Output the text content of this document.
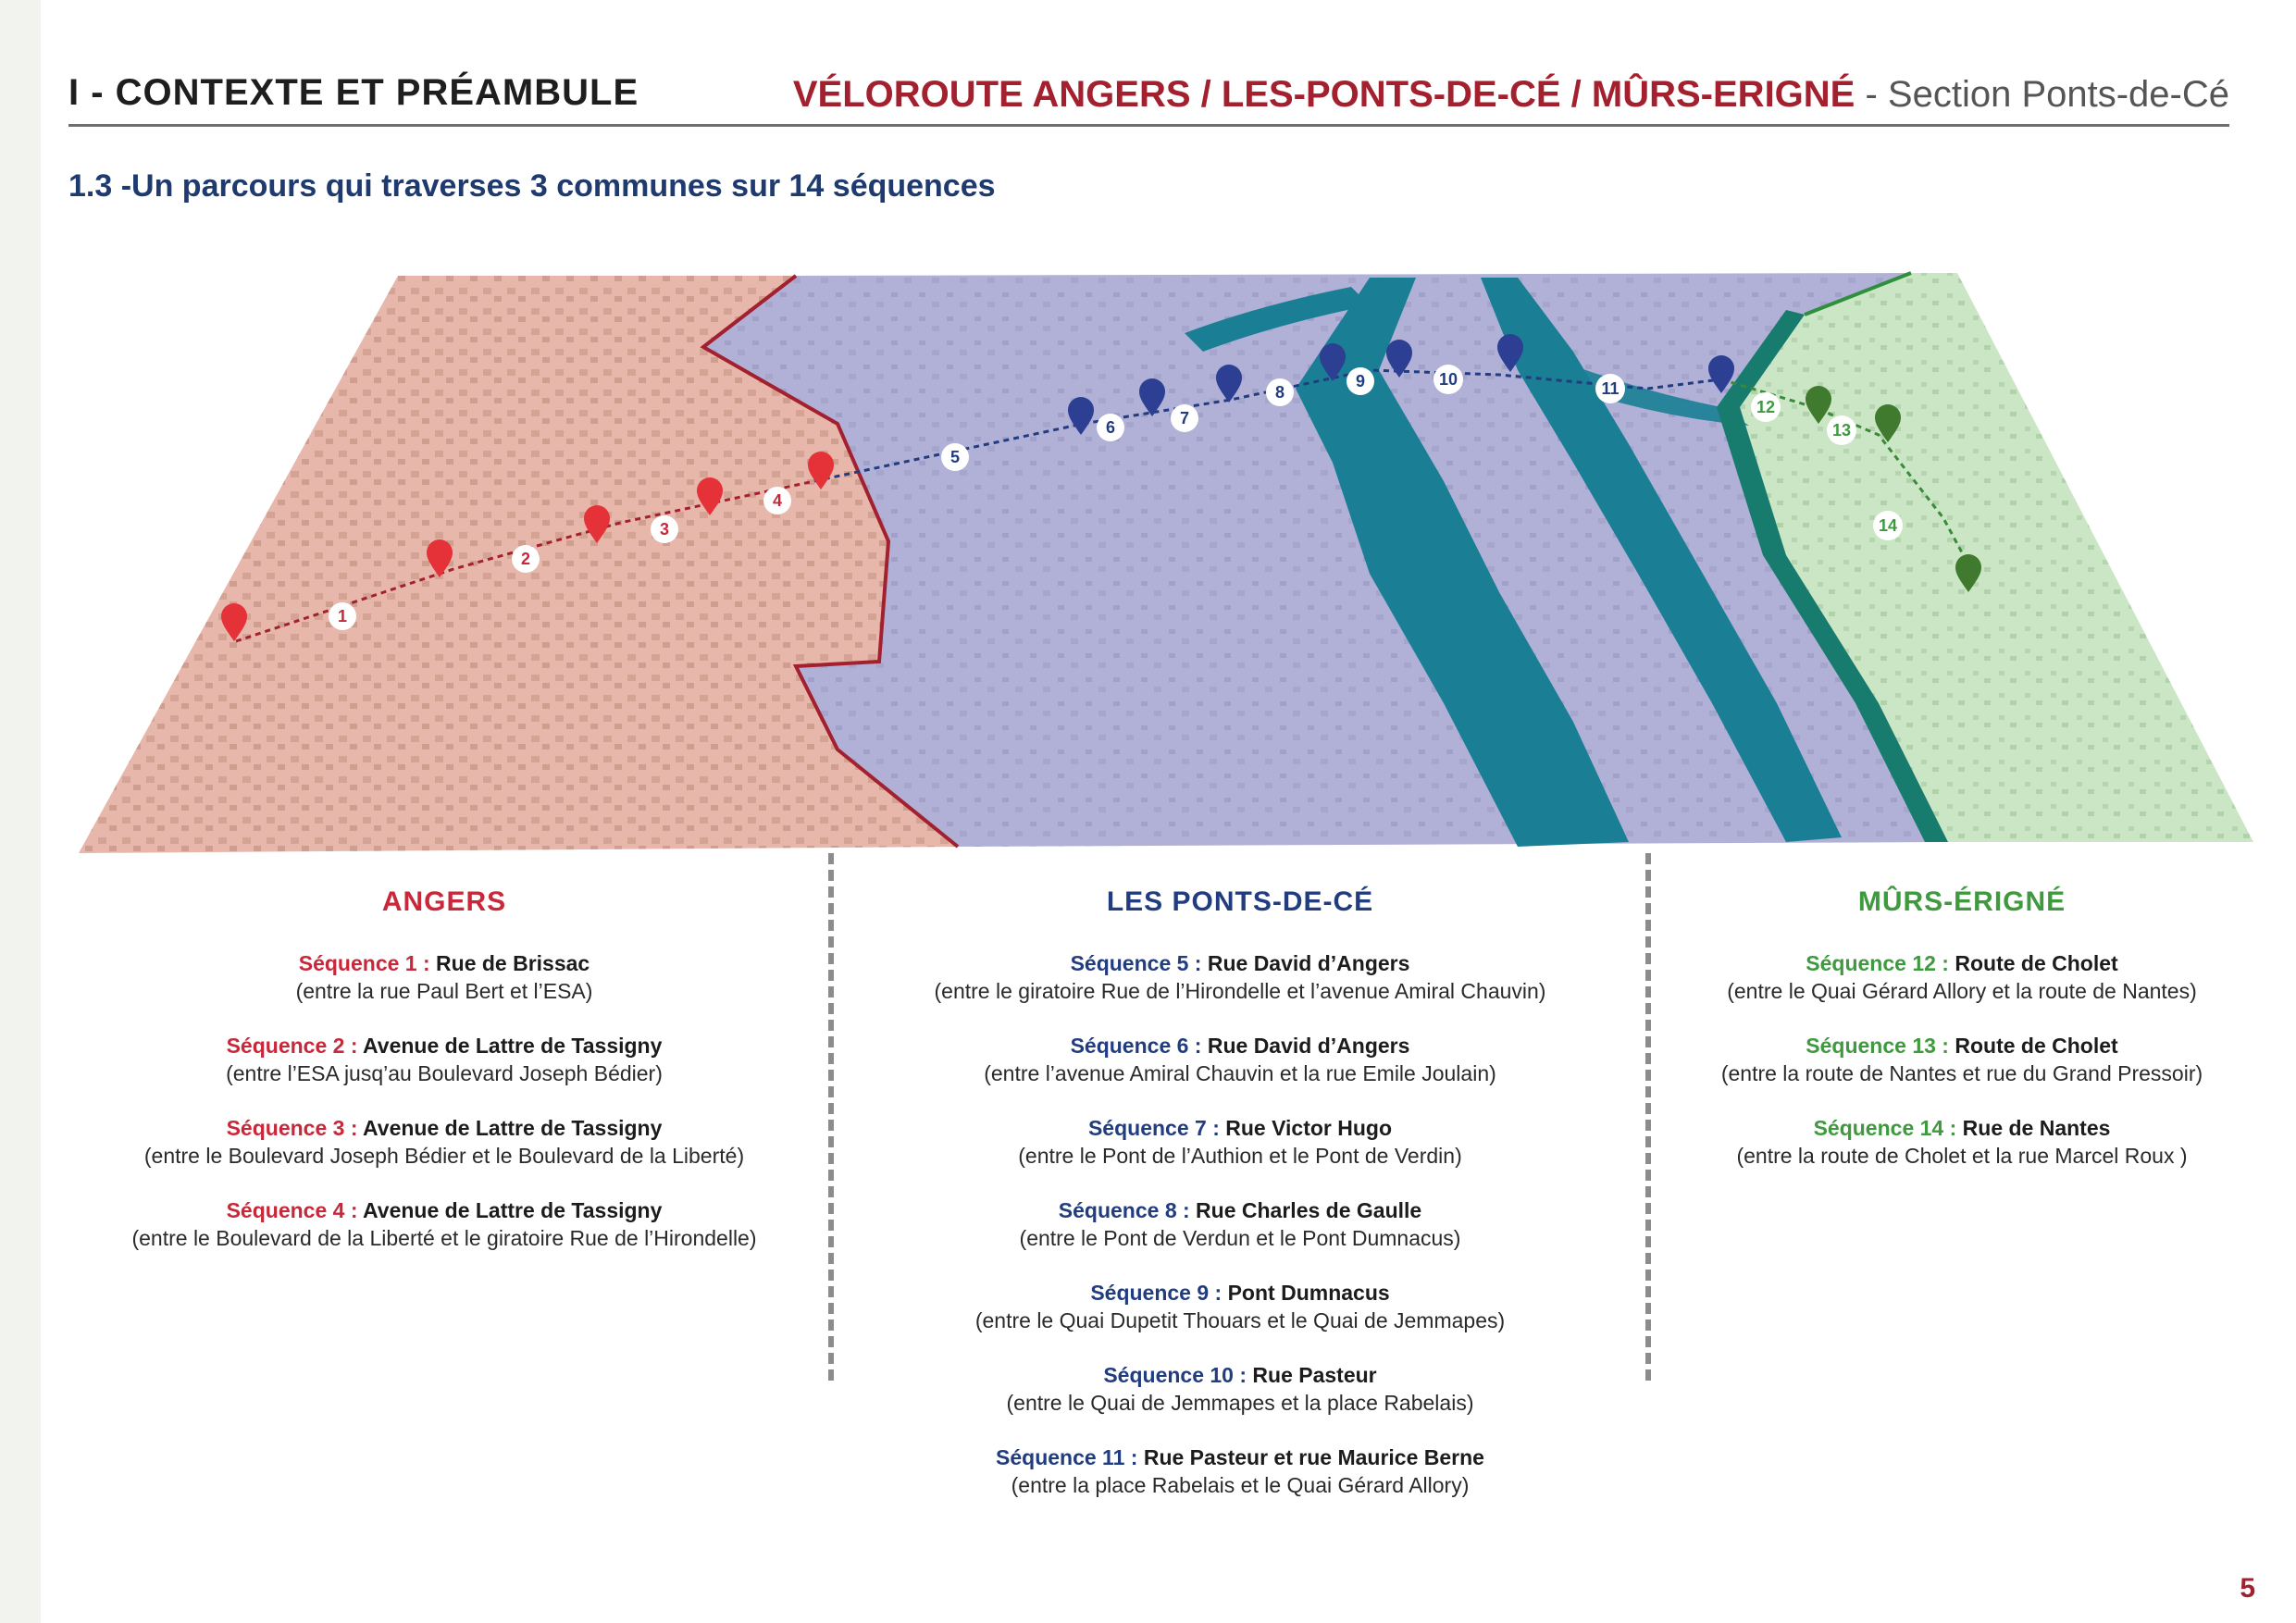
I - CONTEXTE ET PRÉAMBULE	VÉLOROUTE ANGERS / LES-PONTS-DE-CÉ / MÛRS-ERIGNÉ - Section Ponts-de-Cé
1.3 -Un parcours qui traverses 3 communes sur 14 séquences
1
2
3
4
5
6	7
8
9	10	11
12
13
14
ANGERS
Séquence 1 : Rue de Brissac
(entre la rue Paul Bert et l’ESA)
Séquence 2 : Avenue de Lattre de Tassigny
(entre l’ESA jusq’au Boulevard Joseph Bédier)
Séquence 3 : Avenue de Lattre de Tassigny
(entre le Boulevard Joseph Bédier et le Boulevard de la Liberté)
Séquence 4 : Avenue de Lattre de Tassigny
(entre le Boulevard de la Liberté et le giratoire Rue de l’Hirondelle)
LES PONTS-DE-CÉ
Séquence 5 : Rue David d’Angers
(entre le giratoire Rue de l’Hirondelle et l’avenue Amiral Chauvin)
Séquence 6 : Rue David d’Angers
(entre l’avenue Amiral Chauvin et la rue Emile Joulain)
Séquence 7 : Rue Victor Hugo
(entre le Pont de l’Authion et le Pont de Verdin)
Séquence 8 : Rue Charles de Gaulle
(entre le Pont de Verdun et le Pont Dumnacus)
Séquence 9 : Pont Dumnacus
(entre le Quai Dupetit Thouars et le Quai de Jemmapes)
Séquence 10 : Rue Pasteur
(entre le Quai de Jemmapes et la place Rabelais)
Séquence 11 : Rue Pasteur et rue Maurice Berne
(entre la place Rabelais et le Quai Gérard Allory)
MÛRS-ÉRIGNÉ
Séquence 12 : Route de Cholet
(entre le Quai Gérard Allory et la route de Nantes)
Séquence 13 : Route de Cholet
(entre la route de Nantes et rue du Grand Pressoir)
Séquence 14 : Rue de Nantes
(entre la route de Cholet et la rue Marcel Roux )
5
